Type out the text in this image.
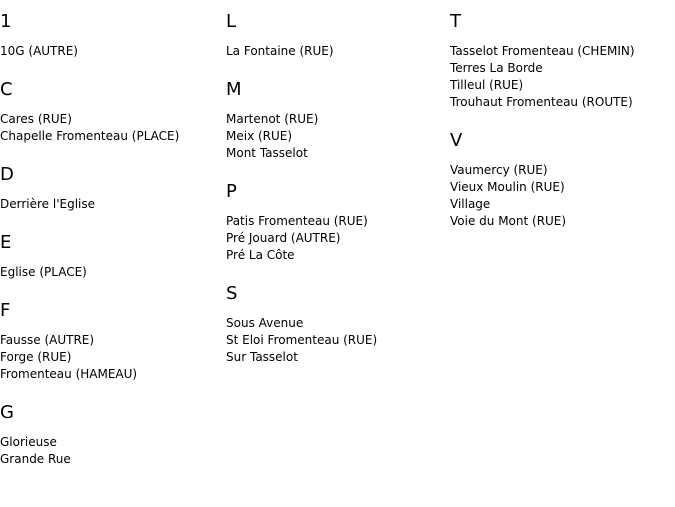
1
10G (AUTRE)
C
Cares (RUE)
Chapelle Fromenteau (PLACE)
D
Derrière l'Eglise
E
Eglise (PLACE)
F
Fausse (AUTRE)
Forge (RUE)
Fromenteau (HAMEAU)
G
Glorieuse
Grande Rue
L
La Fontaine (RUE)
M
Martenot (RUE)
Meix (RUE)
Mont Tasselot
P
Patis Fromenteau (RUE)
Pré Jouard (AUTRE)
Pré La Côte
S
Sous Avenue
St Eloi Fromenteau (RUE)
Sur Tasselot
T
Tasselot Fromenteau (CHEMIN)
Terres La Borde
Tilleul (RUE)
Trouhaut Fromenteau (ROUTE)
V
Vaumercy (RUE)
Vieux Moulin (RUE)
Village
Voie du Mont (RUE)
